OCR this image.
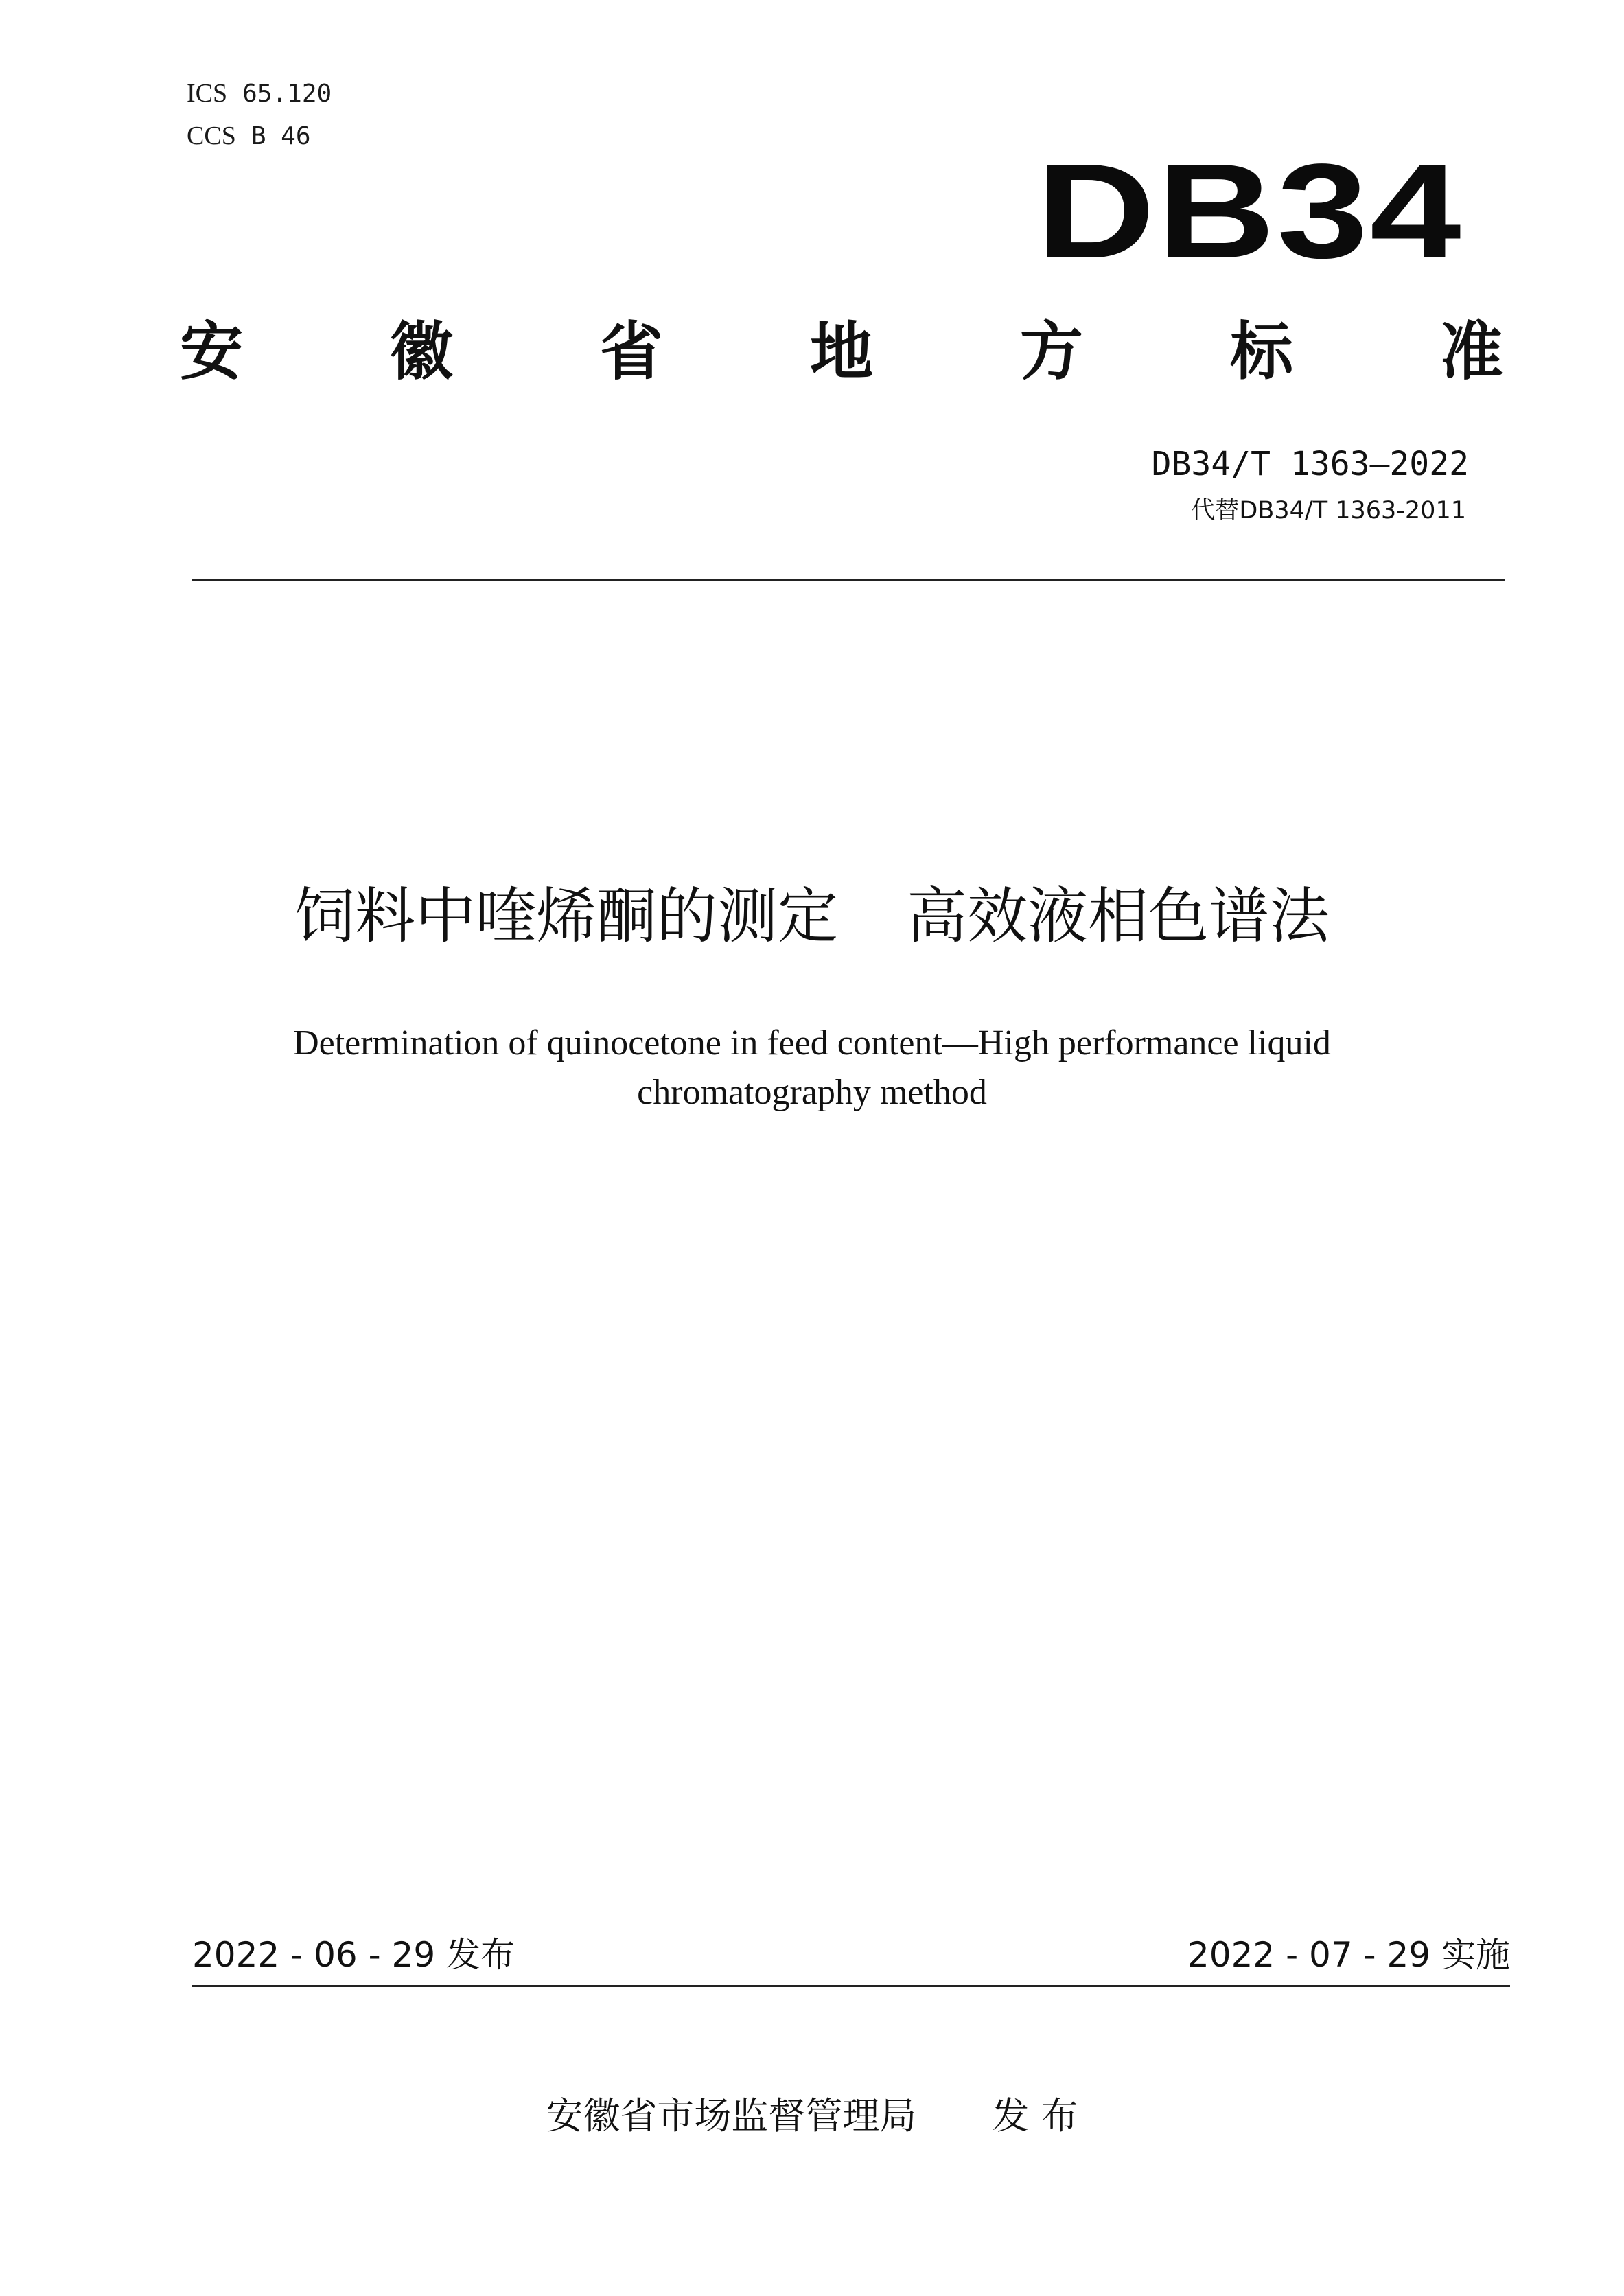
ICS 65.120
CCS B 46	DB34
安 徽 省 地 方 标 准
DB34/T 1363—2022
代替DB34/T 1363-2011
饲料中喹烯酮的测定 高效液相色谱法
Determination of quinocetone in feed content—High performance liquid chromatography method
2022 - 06 - 29 发布	2022 - 07 - 29 实施
安徽省市场监督管理局 发 布
